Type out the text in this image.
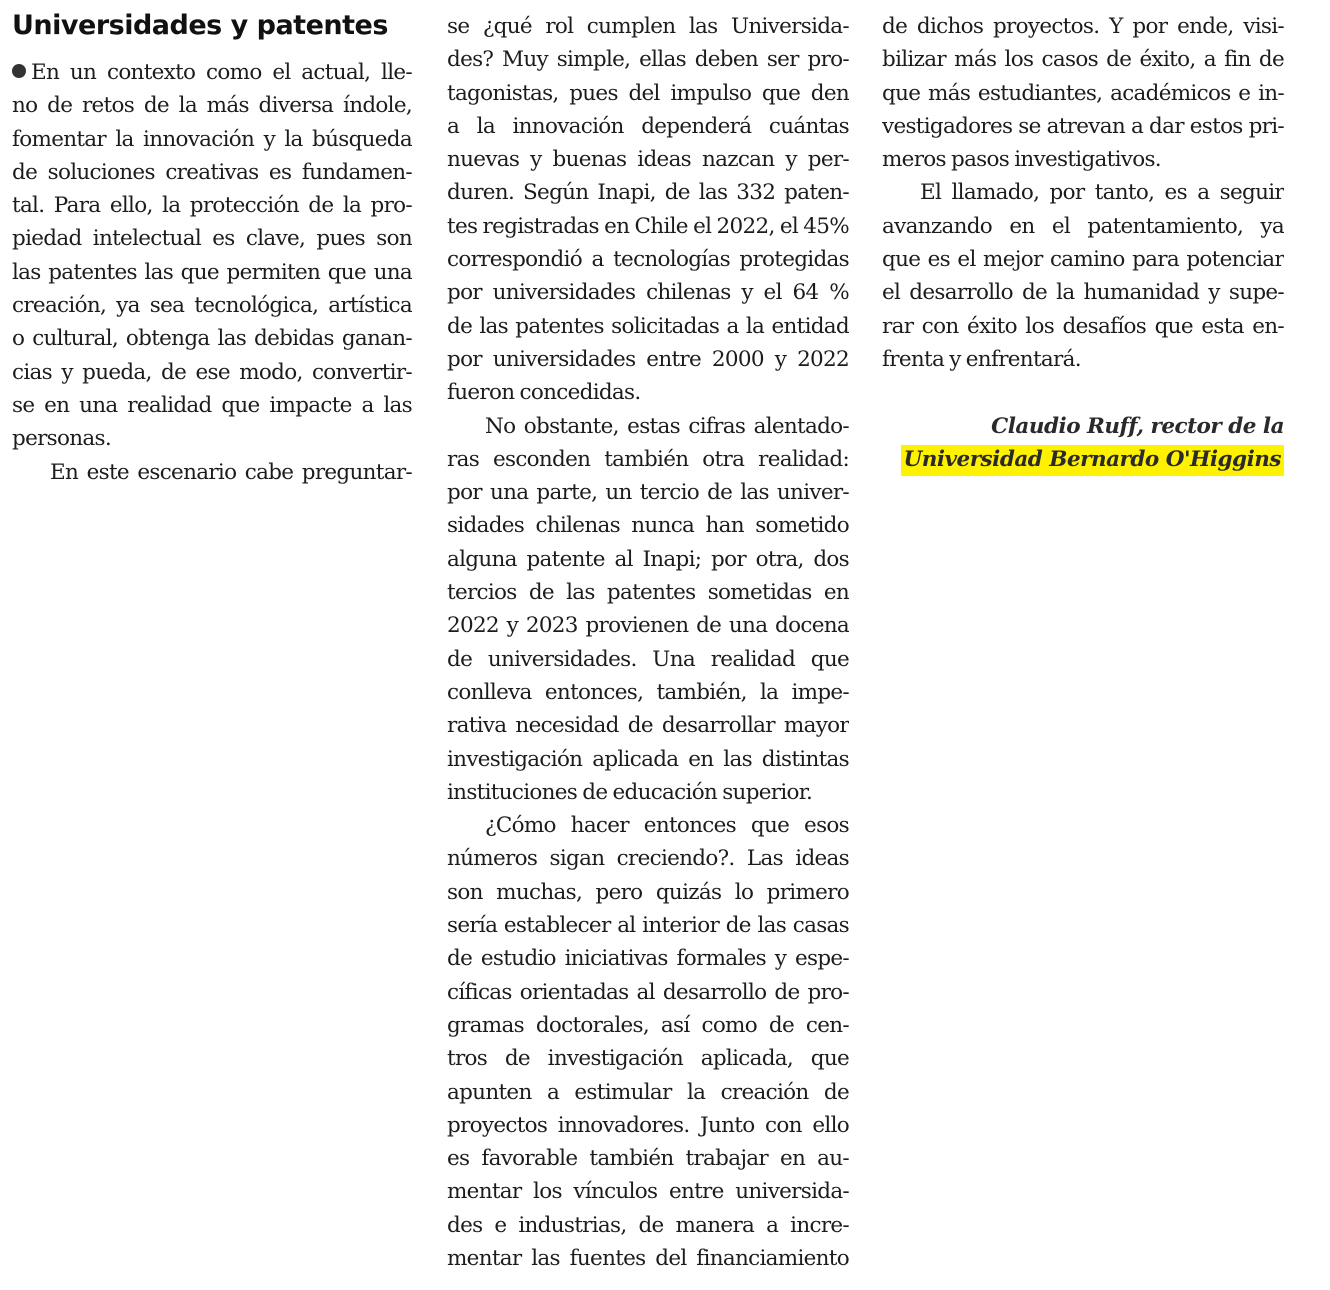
Universidades y patentes
En un contexto como el actual, lle-
no de retos de la más diversa índole,
fomentar la innovación y la búsqueda
de soluciones creativas es fundamen-
tal. Para ello, la protección de la pro-
piedad intelectual es clave, pues son
las patentes las que permiten que una
creación, ya sea tecnológica, artística
o cultural, obtenga las debidas ganan-
cias y pueda, de ese modo, convertir-
se en una realidad que impacte a las
personas.
En este escenario cabe preguntar-
se ¿qué rol cumplen las Universida-
des? Muy simple, ellas deben ser pro-
tagonistas, pues del impulso que den
a la innovación dependerá cuántas
nuevas y buenas ideas nazcan y per-
duren. Según Inapi, de las 332 paten-
tes registradas en Chile el 2022, el 45%
correspondió a tecnologías protegidas
por universidades chilenas y el 64 %
de las patentes solicitadas a la entidad
por universidades entre 2000 y 2022
fueron concedidas.
No obstante, estas cifras alentado-
ras esconden también otra realidad:
por una parte, un tercio de las univer-
sidades chilenas nunca han sometido
alguna patente al Inapi; por otra, dos
tercios de las patentes sometidas en
2022 y 2023 provienen de una docena
de universidades. Una realidad que
conlleva entonces, también, la impe-
rativa necesidad de desarrollar mayor
investigación aplicada en las distintas
instituciones de educación superior.
¿Cómo hacer entonces que esos
números sigan creciendo?. Las ideas
son muchas, pero quizás lo primero
sería establecer al interior de las casas
de estudio iniciativas formales y espe-
cíficas orientadas al desarrollo de pro-
gramas doctorales, así como de cen-
tros de investigación aplicada, que
apunten a estimular la creación de
proyectos innovadores. Junto con ello
es favorable también trabajar en au-
mentar los vínculos entre universida-
des e industrias, de manera a incre-
mentar las fuentes del financiamiento
de dichos proyectos. Y por ende, visi-
bilizar más los casos de éxito, a fin de
que más estudiantes, académicos e in-
vestigadores se atrevan a dar estos pri-
meros pasos investigativos.
El llamado, por tanto, es a seguir
avanzando en el patentamiento, ya
que es el mejor camino para potenciar
el desarrollo de la humanidad y supe-
rar con éxito los desafíos que esta en-
frenta y enfrentará.
Claudio Ruff, rector de la
Universidad Bernardo O'Higgins
